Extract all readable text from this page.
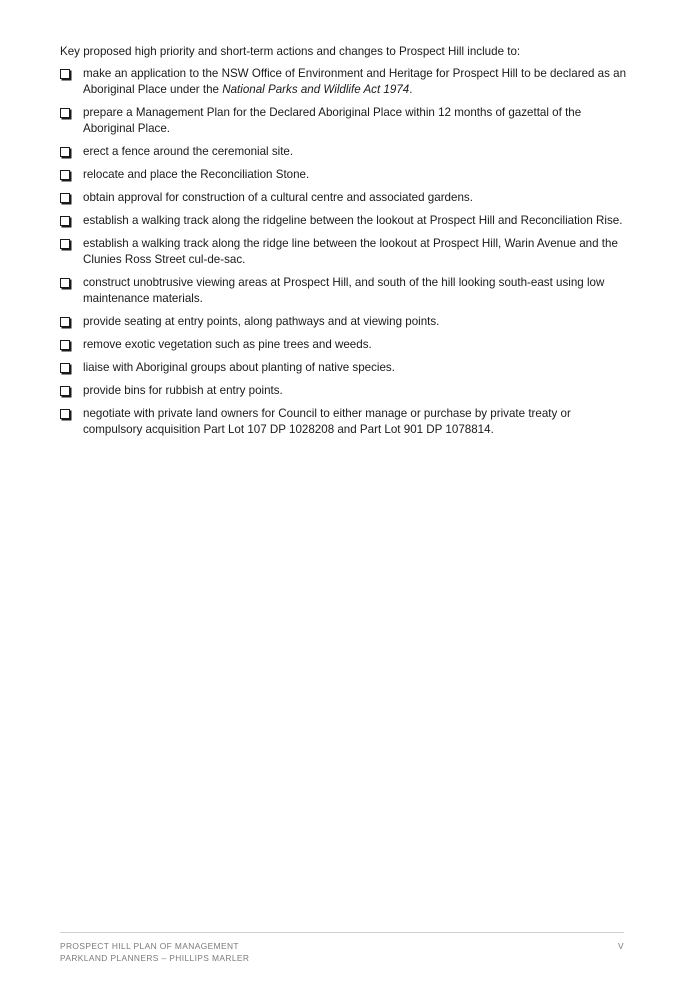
Key proposed high priority and short-term actions and changes to Prospect Hill include to:

make an application to the NSW Office of Environment and Heritage for Prospect Hill to be declared as an Aboriginal Place under the National Parks and Wildlife Act 1974.
prepare a Management Plan for the Declared Aboriginal Place within 12 months of gazettal of the Aboriginal Place.
erect a fence around the ceremonial site.
relocate and place the Reconciliation Stone.
obtain approval for construction of a cultural centre and associated gardens.
establish a walking track along the ridgeline between the lookout at Prospect Hill and Reconciliation Rise.
establish a walking track along the ridge line between the lookout at Prospect Hill, Warin Avenue and the Clunies Ross Street cul-de-sac.
construct unobtrusive viewing areas at Prospect Hill, and south of the hill looking south-east using low maintenance materials.
provide seating at entry points, along pathways and at viewing points.
remove exotic vegetation such as pine trees and weeds.
liaise with Aboriginal groups about planting of native species.
provide bins for rubbish at entry points.
negotiate with private land owners for Council to either manage or purchase by private treaty or compulsory acquisition Part Lot 107 DP 1028208 and Part Lot 901 DP 1078814.
PROSPECT HILL PLAN OF MANAGEMENT
PARKLAND PLANNERS – PHILLIPS MARLER
V
